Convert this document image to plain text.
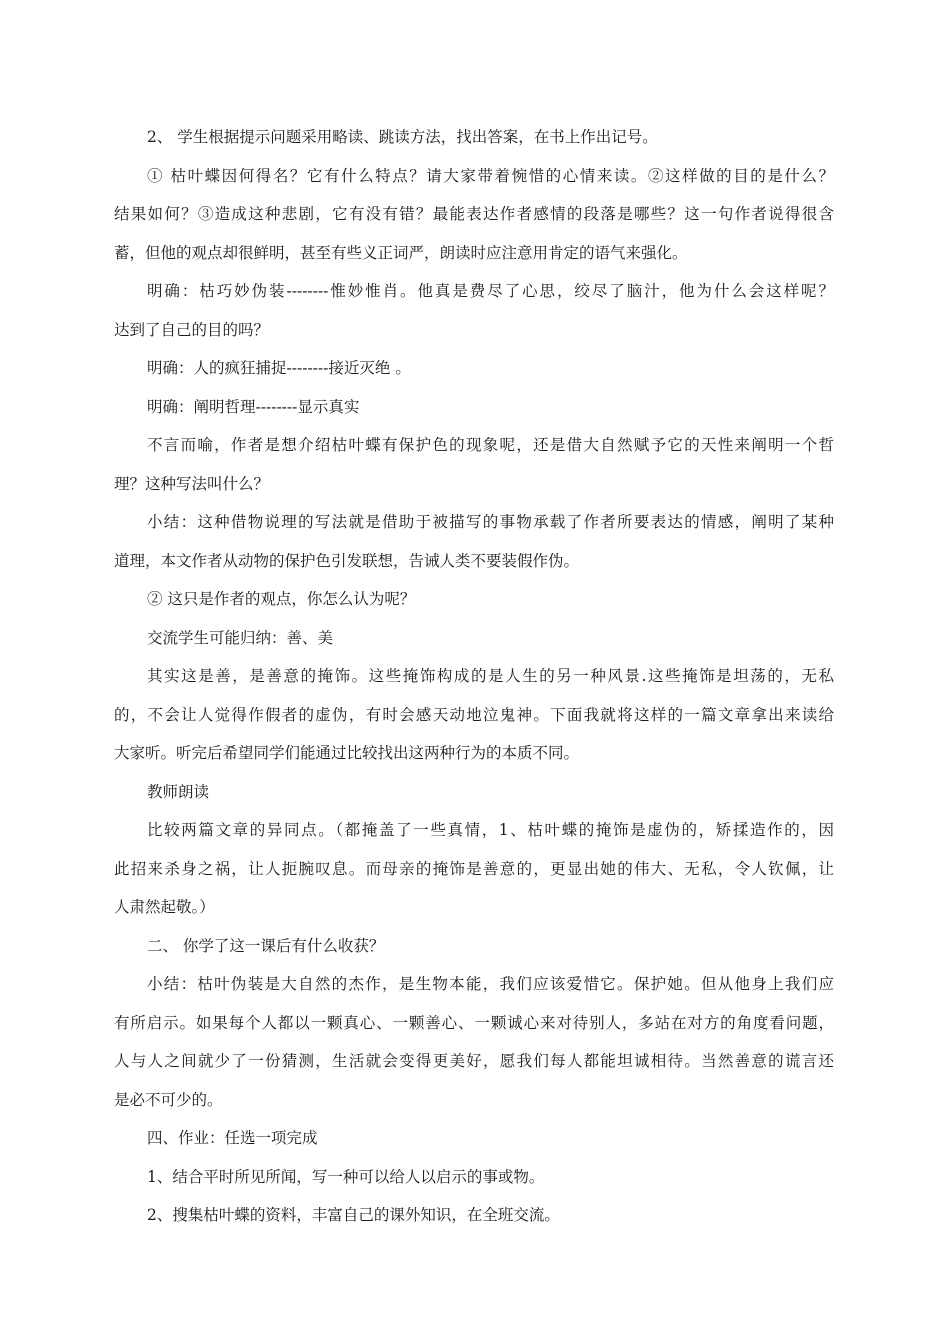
2、 学生根据提示问题采用略读、跳读方法，找出答案，在书上作出记号。
① 枯叶蝶因何得名？它有什么特点？请大家带着惋惜的心情来读。②这样做的目的是什么？
结果如何？③造成这种悲剧，它有没有错？最能表达作者感情的段落是哪些？这一句作者说得很含
蓄，但他的观点却很鲜明，甚至有些义正词严，朗读时应注意用肯定的语气来强化。
明确：枯巧妙伪装--------惟妙惟肖。他真是费尽了心思，绞尽了脑汁，他为什么会这样呢？
达到了自己的目的吗？
明确：人的疯狂捕捉--------接近灭绝 。
明确：阐明哲理--------显示真实
不言而喻，作者是想介绍枯叶蝶有保护色的现象呢，还是借大自然赋予它的天性来阐明一个哲
理？这种写法叫什么？
小结：这种借物说理的写法就是借助于被描写的事物承载了作者所要表达的情感，阐明了某种
道理，本文作者从动物的保护色引发联想，告诫人类不要装假作伪。
② 这只是作者的观点，你怎么认为呢？
交流学生可能归纳：善、美
其实这是善，是善意的掩饰。这些掩饰构成的是人生的另一种风景.这些掩饰是坦荡的，无私
的，不会让人觉得作假者的虚伪，有时会感天动地泣鬼神。下面我就将这样的一篇文章拿出来读给
大家听。听完后希望同学们能通过比较找出这两种行为的本质不同。
教师朗读
比较两篇文章的异同点。（都掩盖了一些真情，1、枯叶蝶的掩饰是虚伪的，矫揉造作的，因
此招来杀身之祸，让人扼腕叹息。而母亲的掩饰是善意的，更显出她的伟大、无私，令人钦佩，让
人肃然起敬。）
二、 你学了这一课后有什么收获？
小结：枯叶伪装是大自然的杰作，是生物本能，我们应该爱惜它。保护她。但从他身上我们应
有所启示。如果每个人都以一颗真心、一颗善心、一颗诚心来对待别人，多站在对方的角度看问题，
人与人之间就少了一份猜测，生活就会变得更美好，愿我们每人都能坦诚相待。当然善意的谎言还
是必不可少的。
四、作业：任选一项完成
1、结合平时所见所闻，写一种可以给人以启示的事或物。
2、搜集枯叶蝶的资料，丰富自己的课外知识，在全班交流。
